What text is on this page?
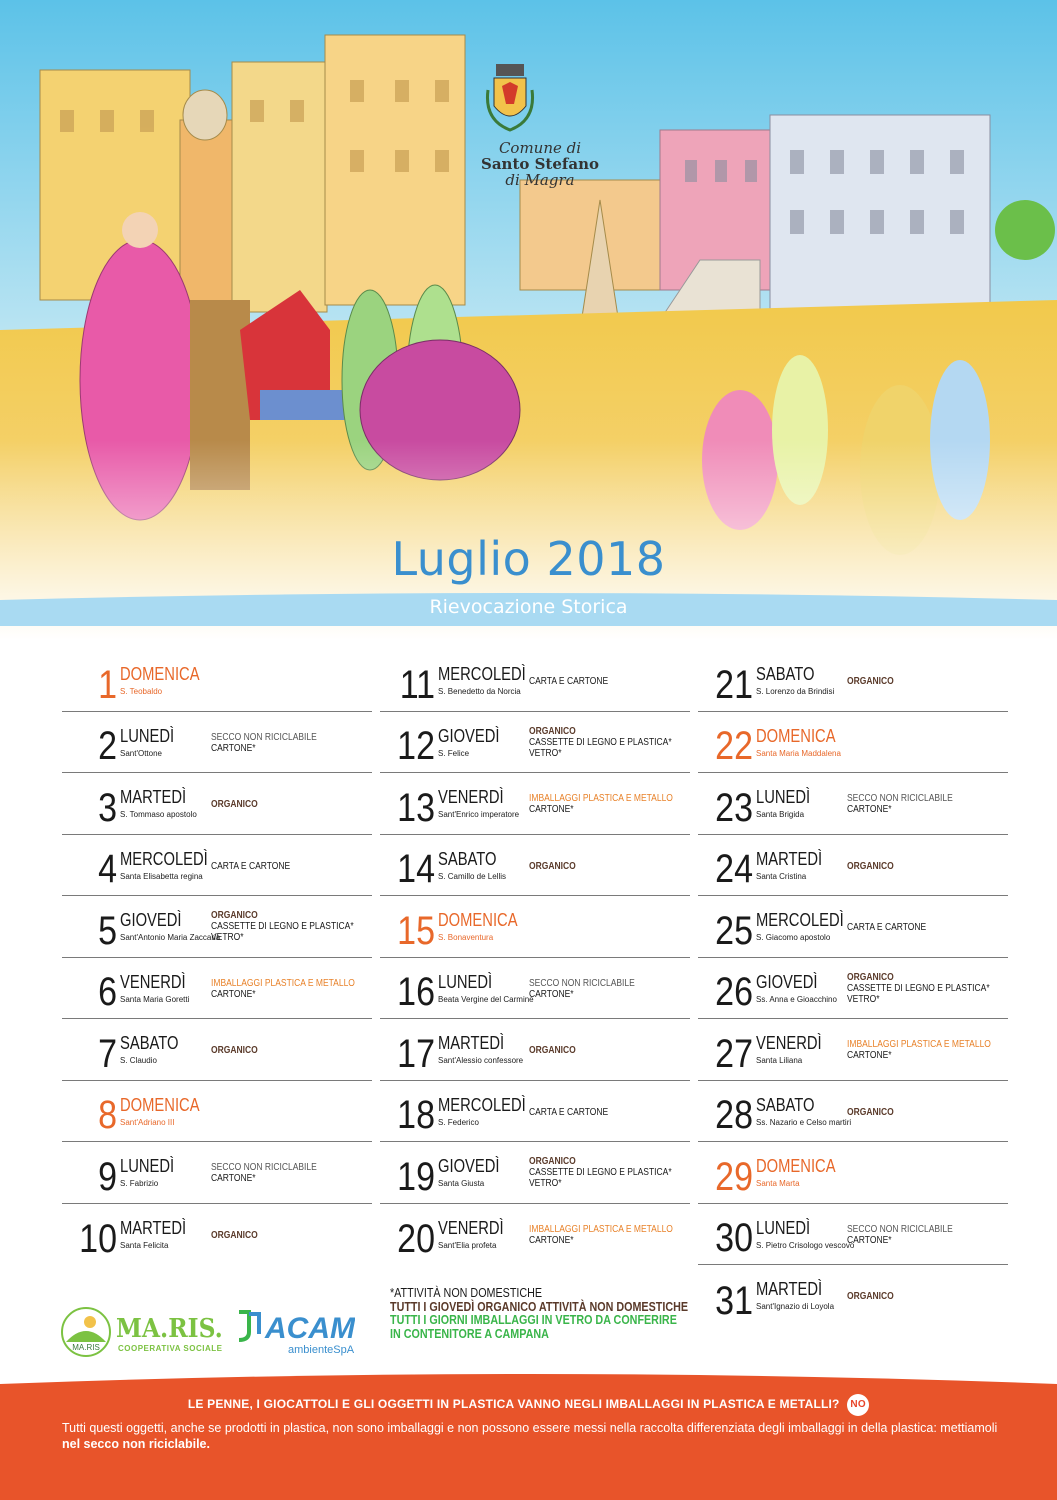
Comune di
Santo Stefano
di Magra
Luglio 2018
Rievocazione Storica
1 DOMENICA
S. Teobaldo
2 LUNEDÌ
Sant'Ottone
SECCO NON RICICLABILE
CARTONE*
3 MARTEDÌ
S. Tommaso apostolo
ORGANICO
4 MERCOLEDÌ
Santa Elisabetta regina
CARTA E CARTONE
5 GIOVEDÌ
Sant'Antonio Maria Zaccaria
ORGANICO
CASSETTE DI LEGNO E PLASTICA*
VETRO*
6 VENERDÌ
Santa Maria Goretti
IMBALLAGGI PLASTICA E METALLO
CARTONE*
7 SABATO
S. Claudio
ORGANICO
8 DOMENICA
Sant'Adriano III
9 LUNEDÌ
S. Fabrizio
SECCO NON RICICLABILE
CARTONE*
10 MARTEDÌ
Santa Felicita
ORGANICO
11 MERCOLEDÌ
S. Benedetto da Norcia
CARTA E CARTONE
12 GIOVEDÌ
S. Felice
ORGANICO
CASSETTE DI LEGNO E PLASTICA*
VETRO*
13 VENERDÌ
Sant'Enrico imperatore
IMBALLAGGI PLASTICA E METALLO
CARTONE*
14 SABATO
S. Camillo de Lellis
ORGANICO
15 DOMENICA
S. Bonaventura
16 LUNEDÌ
Beata Vergine del Carmine
SECCO NON RICICLABILE
CARTONE*
17 MARTEDÌ
Sant'Alessio confessore
ORGANICO
18 MERCOLEDÌ
S. Federico
CARTA E CARTONE
19 GIOVEDÌ
Santa Giusta
ORGANICO
CASSETTE DI LEGNO E PLASTICA*
VETRO*
20 VENERDÌ
Sant'Elia profeta
IMBALLAGGI PLASTICA E METALLO
CARTONE*
21 SABATO
S. Lorenzo da Brindisi
ORGANICO
22 DOMENICA
Santa Maria Maddalena
23 LUNEDÌ
Santa Brigida
SECCO NON RICICLABILE
CARTONE*
24 MARTEDÌ
Santa Cristina
ORGANICO
25 MERCOLEDÌ
S. Giacomo apostolo
CARTA E CARTONE
26 GIOVEDÌ
Ss. Anna e Gioacchino
ORGANICO
CASSETTE DI LEGNO E PLASTICA*
VETRO*
27 VENERDÌ
Santa Liliana
IMBALLAGGI PLASTICA E METALLO
CARTONE*
28 SABATO
Ss. Nazario e Celso martiri
ORGANICO
29 DOMENICA
Santa Marta
30 LUNEDÌ
S. Pietro Crisologo vescovo
SECCO NON RICICLABILE
CARTONE*
31 MARTEDÌ
Sant'Ignazio di Loyola
ORGANICO
MA.RIS
MA.RIS.
COOPERATIVA SOCIALE
ACAM
ambienteSpA
*ATTIVITÀ NON DOMESTICHE
TUTTI I GIOVEDÌ ORGANICO ATTIVITÀ NON DOMESTICHE
TUTTI I GIORNI IMBALLAGGI IN VETRO DA CONFERIRE
IN CONTENITORE A CAMPANA
LE PENNE, I GIOCATTOLI E GLI OGGETTI IN PLASTICA VANNO NEGLI IMBALLAGGI IN PLASTICA E METALLI? NO
Tutti questi oggetti, anche se prodotti in plastica, non sono imballaggi e non possono essere messi nella raccolta differenziata degli imballaggi in della plastica: mettiamoli nel secco non riciclabile.
